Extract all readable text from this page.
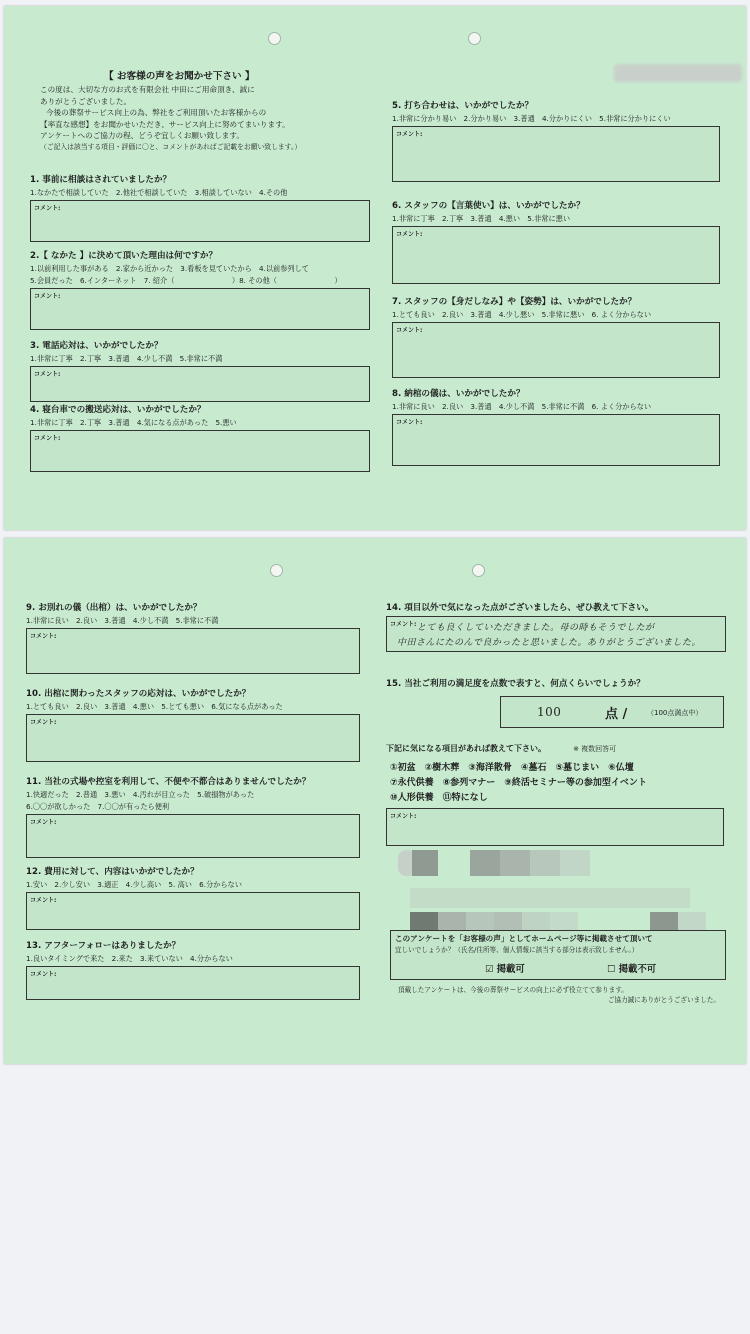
【 お客様の声をお聞かせ下さい 】
この度は、大切な方のお式を有限会社 中田にご用命頂き、誠に
ありがとうございました。
今後の葬祭サービス向上の為、弊社をご利用頂いたお客様からの
【率直な感想】をお聞かせいただき、サービス向上に努めてまいります。
アンケートへのご協力の程、どうぞ宜しくお願い致します。
（ご記入は該当する項目・評価に〇と、コメントがあればご記載をお願い致します。）
1. 事前に相談はされていましたか？
1.なかたで相談していた　2.他社で相談していた　3.相談していない　4.その他
コメント:
2.【 なかた 】に決めて頂いた理由は何ですか？
1.以前利用した事がある　2.家から近かった　3.看板を見ていたから　4.以前参列して
5.会員だった　6.インターネット　7. 紹介（　　　　　　　　）8. その他（　　　　　　　　）
コメント:
3. 電話応対は、いかがでしたか？
1.非常に丁寧　2.丁寧　3.普通　4.少し不満　5.非常に不満
コメント:
4. 寝台車での搬送応対は、いかがでしたか？
1.非常に丁寧　2.丁寧　3.普通　4.気になる点があった　5.悪い
コメント:
5. 打ち合わせは、いかがでしたか？
1.非常に分かり易い　2.分かり易い　3.普通　4.分かりにくい　5.非常に分かりにくい
コメント:
6. スタッフの【言葉使い】は、いかがでしたか？
1.非常に丁寧　2.丁寧　3.普通　4.悪い　5.非常に悪い
コメント:
7. スタッフの【身だしなみ】や【姿勢】は、いかがでしたか？
1.とても良い　2.良い　3.普通　4.少し悪い　5.非常に悪い　6. よく分からない
コメント:
8. 納棺の儀は、いかがでしたか？
1.非常に良い　2.良い　3.普通　4.少し不満　5.非常に不満　6. よく分からない
コメント:
9. お別れの儀（出棺）は、いかがでしたか？
1.非常に良い　2.良い　3.普通　4.少し不満　5.非常に不満
コメント:
10. 出棺に関わったスタッフの応対は、いかがでしたか？
1.とても良い　2.良い　3.普通　4.悪い　5.とても悪い　6.気になる点があった
コメント:
11. 当社の式場や控室を利用して、不便や不都合はありませんでしたか？
1.快適だった　2.普通　3.悪い　4.汚れが目立った　5.破損物があった
6.〇〇が欲しかった　7.〇〇が有ったら便利
コメント:
12. 費用に対して、内容はいかがでしたか？
1.安い　2.少し安い　3.適正　4.少し高い　5. 高い　6.分からない
コメント:
13. アフターフォローはありましたか？
1.良いタイミングで来た　2.来た　3.来ていない　4.分からない
コメント:
14. 項目以外で気になった点がございましたら、ぜひ教えて下さい。
コメント: とても良くしていただきました。母の時もそうでしたが
中田さんにたのんで良かったと思いました。ありがとうございました。
15. 当社ご利用の満足度を点数で表すと、何点くらいでしょうか？
100	点 /	（100点満点中）
下記に気になる項目があれば教えて下さい。	※ 複数回答可
①初盆　②樹木葬　③海洋散骨　④墓石　⑤墓じまい　⑥仏壇
⑦永代供養　⑧参列マナー　⑨終活セミナー等の参加型イベント
⑩人形供養　⑪特になし
コメント:
このアンケートを「お客様の声」としてホームページ等に掲載させて頂いて
宜しいでしょうか？（氏名/住所等、個人情報に該当する部分は表示致しません。）
☑ 掲載可	☐ 掲載不可
頂戴したアンケートは、今後の葬祭サービスの向上に必ず役立てて参ります。
ご協力誠にありがとうございました。
